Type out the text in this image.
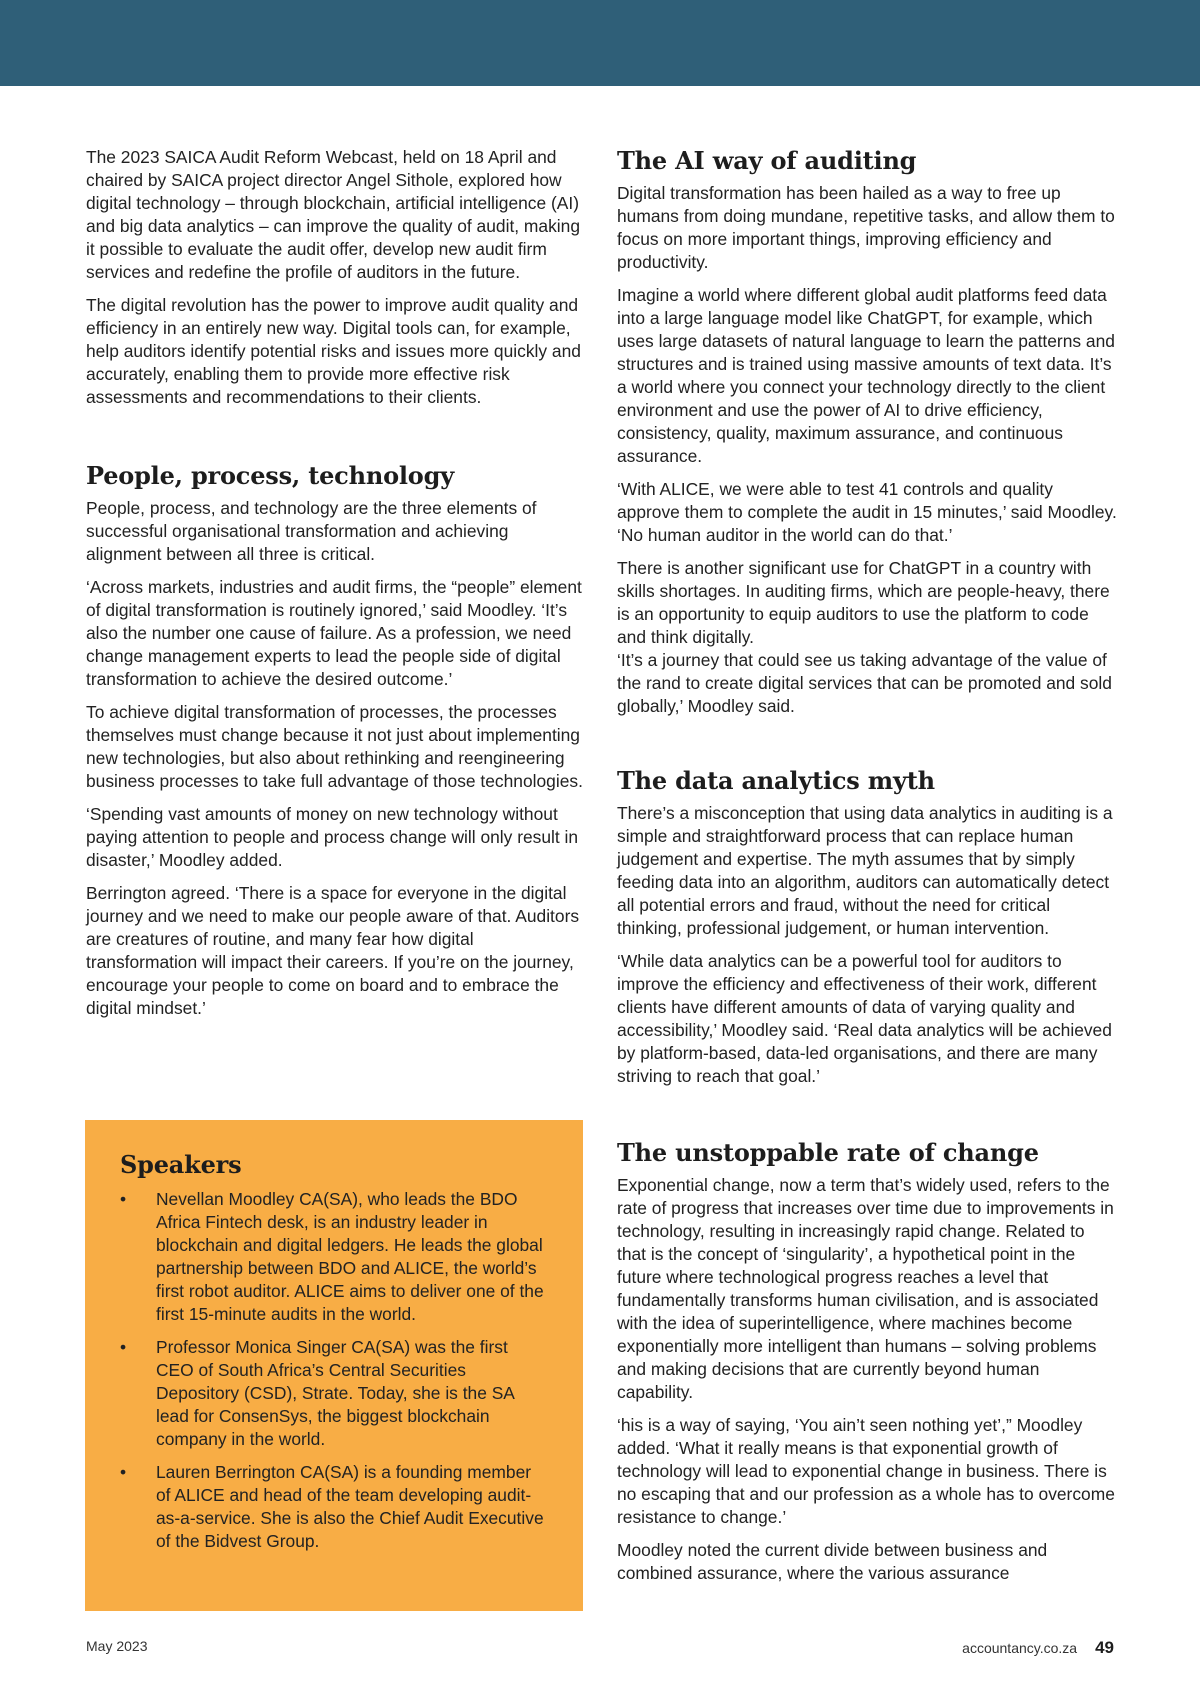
The 2023 SAICA Audit Reform Webcast, held on 18 April and chaired by SAICA project director Angel Sithole, explored how digital technology – through blockchain, artificial intelligence (AI) and big data analytics – can improve the quality of audit, making it possible to evaluate the audit offer, develop new audit firm services and redefine the profile of auditors in the future.

The digital revolution has the power to improve audit quality and efficiency in an entirely new way. Digital tools can, for example, help auditors identify potential risks and issues more quickly and accurately, enabling them to provide more effective risk assessments and recommendations to their clients.

People, process, technology

People, process, and technology are the three elements of successful organisational transformation and achieving alignment between all three is critical.

‘Across markets, industries and audit firms, the “people” element of digital transformation is routinely ignored,’ said Moodley. ‘It’s also the number one cause of failure. As a profession, we need change management experts to lead the people side of digital transformation to achieve the desired outcome.’

To achieve digital transformation of processes, the processes themselves must change because it not just about implementing new technologies, but also about rethinking and reengineering business processes to take full advantage of those technologies.

‘Spending vast amounts of money on new technology without paying attention to people and process change will only result in disaster,’ Moodley added.

Berrington agreed. ‘There is a space for everyone in the digital journey and we need to make our people aware of that. Auditors are creatures of routine, and many fear how digital transformation will impact their careers. If you’re on the journey, encourage your people to come on board and to embrace the digital mindset.’

Speakers
•	Nevellan Moodley CA(SA), who leads the BDO Africa Fintech desk, is an industry leader in blockchain and digital ledgers. He leads the global partnership between BDO and ALICE, the world’s first robot auditor. ALICE aims to deliver one of the first 15-minute audits in the world.
•	Professor Monica Singer CA(SA) was the first CEO of South Africa’s Central Securities Depository (CSD), Strate. Today, she is the SA lead for ConsenSys, the biggest blockchain company in the world.
•	Lauren Berrington CA(SA) is a founding member of ALICE and head of the team developing audit-as-a-service. She is also the Chief Audit Executive of the Bidvest Group.
The AI way of auditing

Digital transformation has been hailed as a way to free up humans from doing mundane, repetitive tasks, and allow them to focus on more important things, improving efficiency and productivity.

Imagine a world where different global audit platforms feed data into a large language model like ChatGPT, for example, which uses large datasets of natural language to learn the patterns and structures and is trained using massive amounts of text data. It’s a world where you connect your technology directly to the client environment and use the power of AI to drive efficiency, consistency, quality, maximum assurance, and continuous assurance.

‘With ALICE, we were able to test 41 controls and quality approve them to complete the audit in 15 minutes,’ said Moodley. ‘No human auditor in the world can do that.’

There is another significant use for ChatGPT in a country with skills shortages. In auditing firms, which are people-heavy, there is an opportunity to equip auditors to use the platform to code and think digitally.

‘It’s a journey that could see us taking advantage of the value of the rand to create digital services that can be promoted and sold globally,’ Moodley said.

The data analytics myth

There’s a misconception that using data analytics in auditing is a simple and straightforward process that can replace human judgement and expertise. The myth assumes that by simply feeding data into an algorithm, auditors can automatically detect all potential errors and fraud, without the need for critical thinking, professional judgement, or human intervention.

‘While data analytics can be a powerful tool for auditors to improve the efficiency and effectiveness of their work, different clients have different amounts of data of varying quality and accessibility,’ Moodley said. ‘Real data analytics will be achieved by platform-based, data-led organisations, and there are many striving to reach that goal.’

The unstoppable rate of change

Exponential change, now a term that’s widely used, refers to the rate of progress that increases over time due to improvements in technology, resulting in increasingly rapid change. Related to that is the concept of ‘singularity’, a hypothetical point in the future where technological progress reaches a level that fundamentally transforms human civilisation, and is associated with the idea of superintelligence, where machines become exponentially more intelligent than humans – solving problems and making decisions that are currently beyond human capability.

‘his is a way of saying, ‘You ain’t seen nothing yet’,” Moodley added. ‘What it really means is that exponential growth of technology will lead to exponential change in business. There is no escaping that and our profession as a whole has to overcome resistance to change.’

Moodley noted the current divide between business and combined assurance, where the various assurance

May 2023	accountancy.co.za 49
